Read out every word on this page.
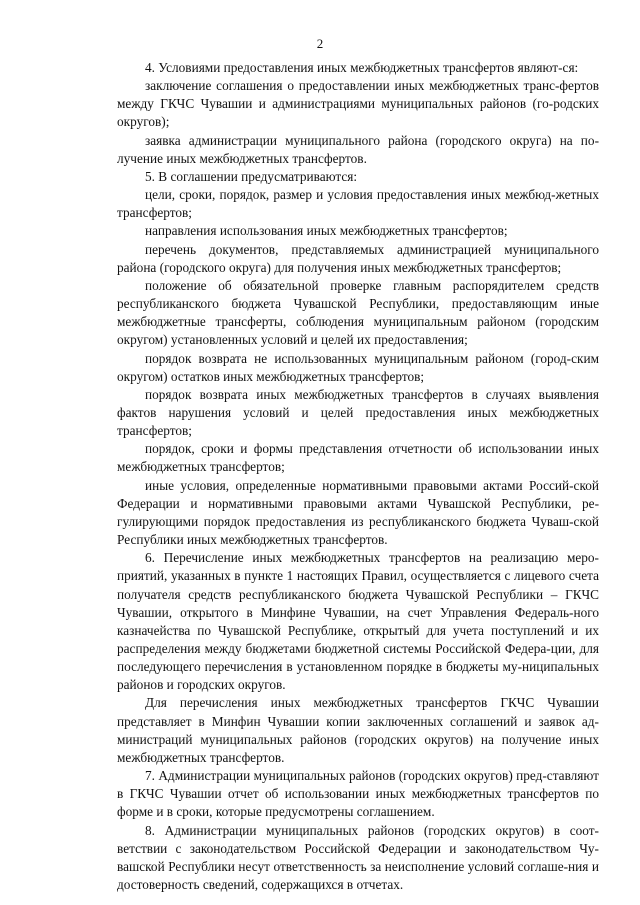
2

4. Условиями предоставления иных межбюджетных трансфертов являют-ся:

заключение соглашения о предоставлении иных межбюджетных транс-фертов между ГКЧС Чувашии и администрациями муниципальных районов (го-родских округов);

заявка администрации муниципального района (городского округа) на по-лучение иных межбюджетных трансфертов.

5. В соглашении предусматриваются:

цели, сроки, порядок, размер и условия предоставления иных межбюд-жетных трансфертов;

направления использования иных межбюджетных трансфертов;

перечень документов, представляемых администрацией муниципального района (городского округа) для получения иных межбюджетных трансфертов;

положение об обязательной проверке главным распорядителем средств республиканского бюджета Чувашской Республики, предоставляющим иные межбюджетные трансферты, соблюдения муниципальным районом (городским округом) установленных условий и целей их предоставления;

порядок возврата не использованных муниципальным районом (город-ским округом) остатков иных межбюджетных трансфертов;

порядок возврата иных межбюджетных трансфертов в случаях выявления фактов нарушения условий и целей предоставления иных межбюджетных трансфертов;

порядок, сроки и формы представления отчетности об использовании иных межбюджетных трансфертов;

иные условия, определенные нормативными правовыми актами Россий-ской Федерации и нормативными правовыми актами Чувашской Республики, ре-гулирующими порядок предоставления из республиканского бюджета Чуваш-ской Республики иных межбюджетных трансфертов.

6. Перечисление иных межбюджетных трансфертов на реализацию меро-приятий, указанных в пункте 1 настоящих Правил, осуществляется с лицевого счета получателя средств республиканского бюджета Чувашской Республики – ГКЧС Чувашии, открытого в Минфине Чувашии, на счет Управления Федераль-ного казначейства по Чувашской Республике, открытый для учета поступлений и их распределения между бюджетами бюджетной системы Российской Федера-ции, для последующего перечисления в установленном порядке в бюджеты му-ниципальных районов и городских округов.

Для перечисления иных межбюджетных трансфертов ГКЧС Чувашии представляет в Минфин Чувашии копии заключенных соглашений и заявок ад-министраций муниципальных районов (городских округов) на получение иных межбюджетных трансфертов.

7. Администрации муниципальных районов (городских округов) пред-ставляют в ГКЧС Чувашии отчет об использовании иных межбюджетных трансфертов по форме и в сроки, которые предусмотрены соглашением.

8. Администрации муниципальных районов (городских округов) в соот-ветствии с законодательством Российской Федерации и законодательством Чу-вашской Республики несут ответственность за неисполнение условий соглаше-ния и достоверность сведений, содержащихся в отчетах.
